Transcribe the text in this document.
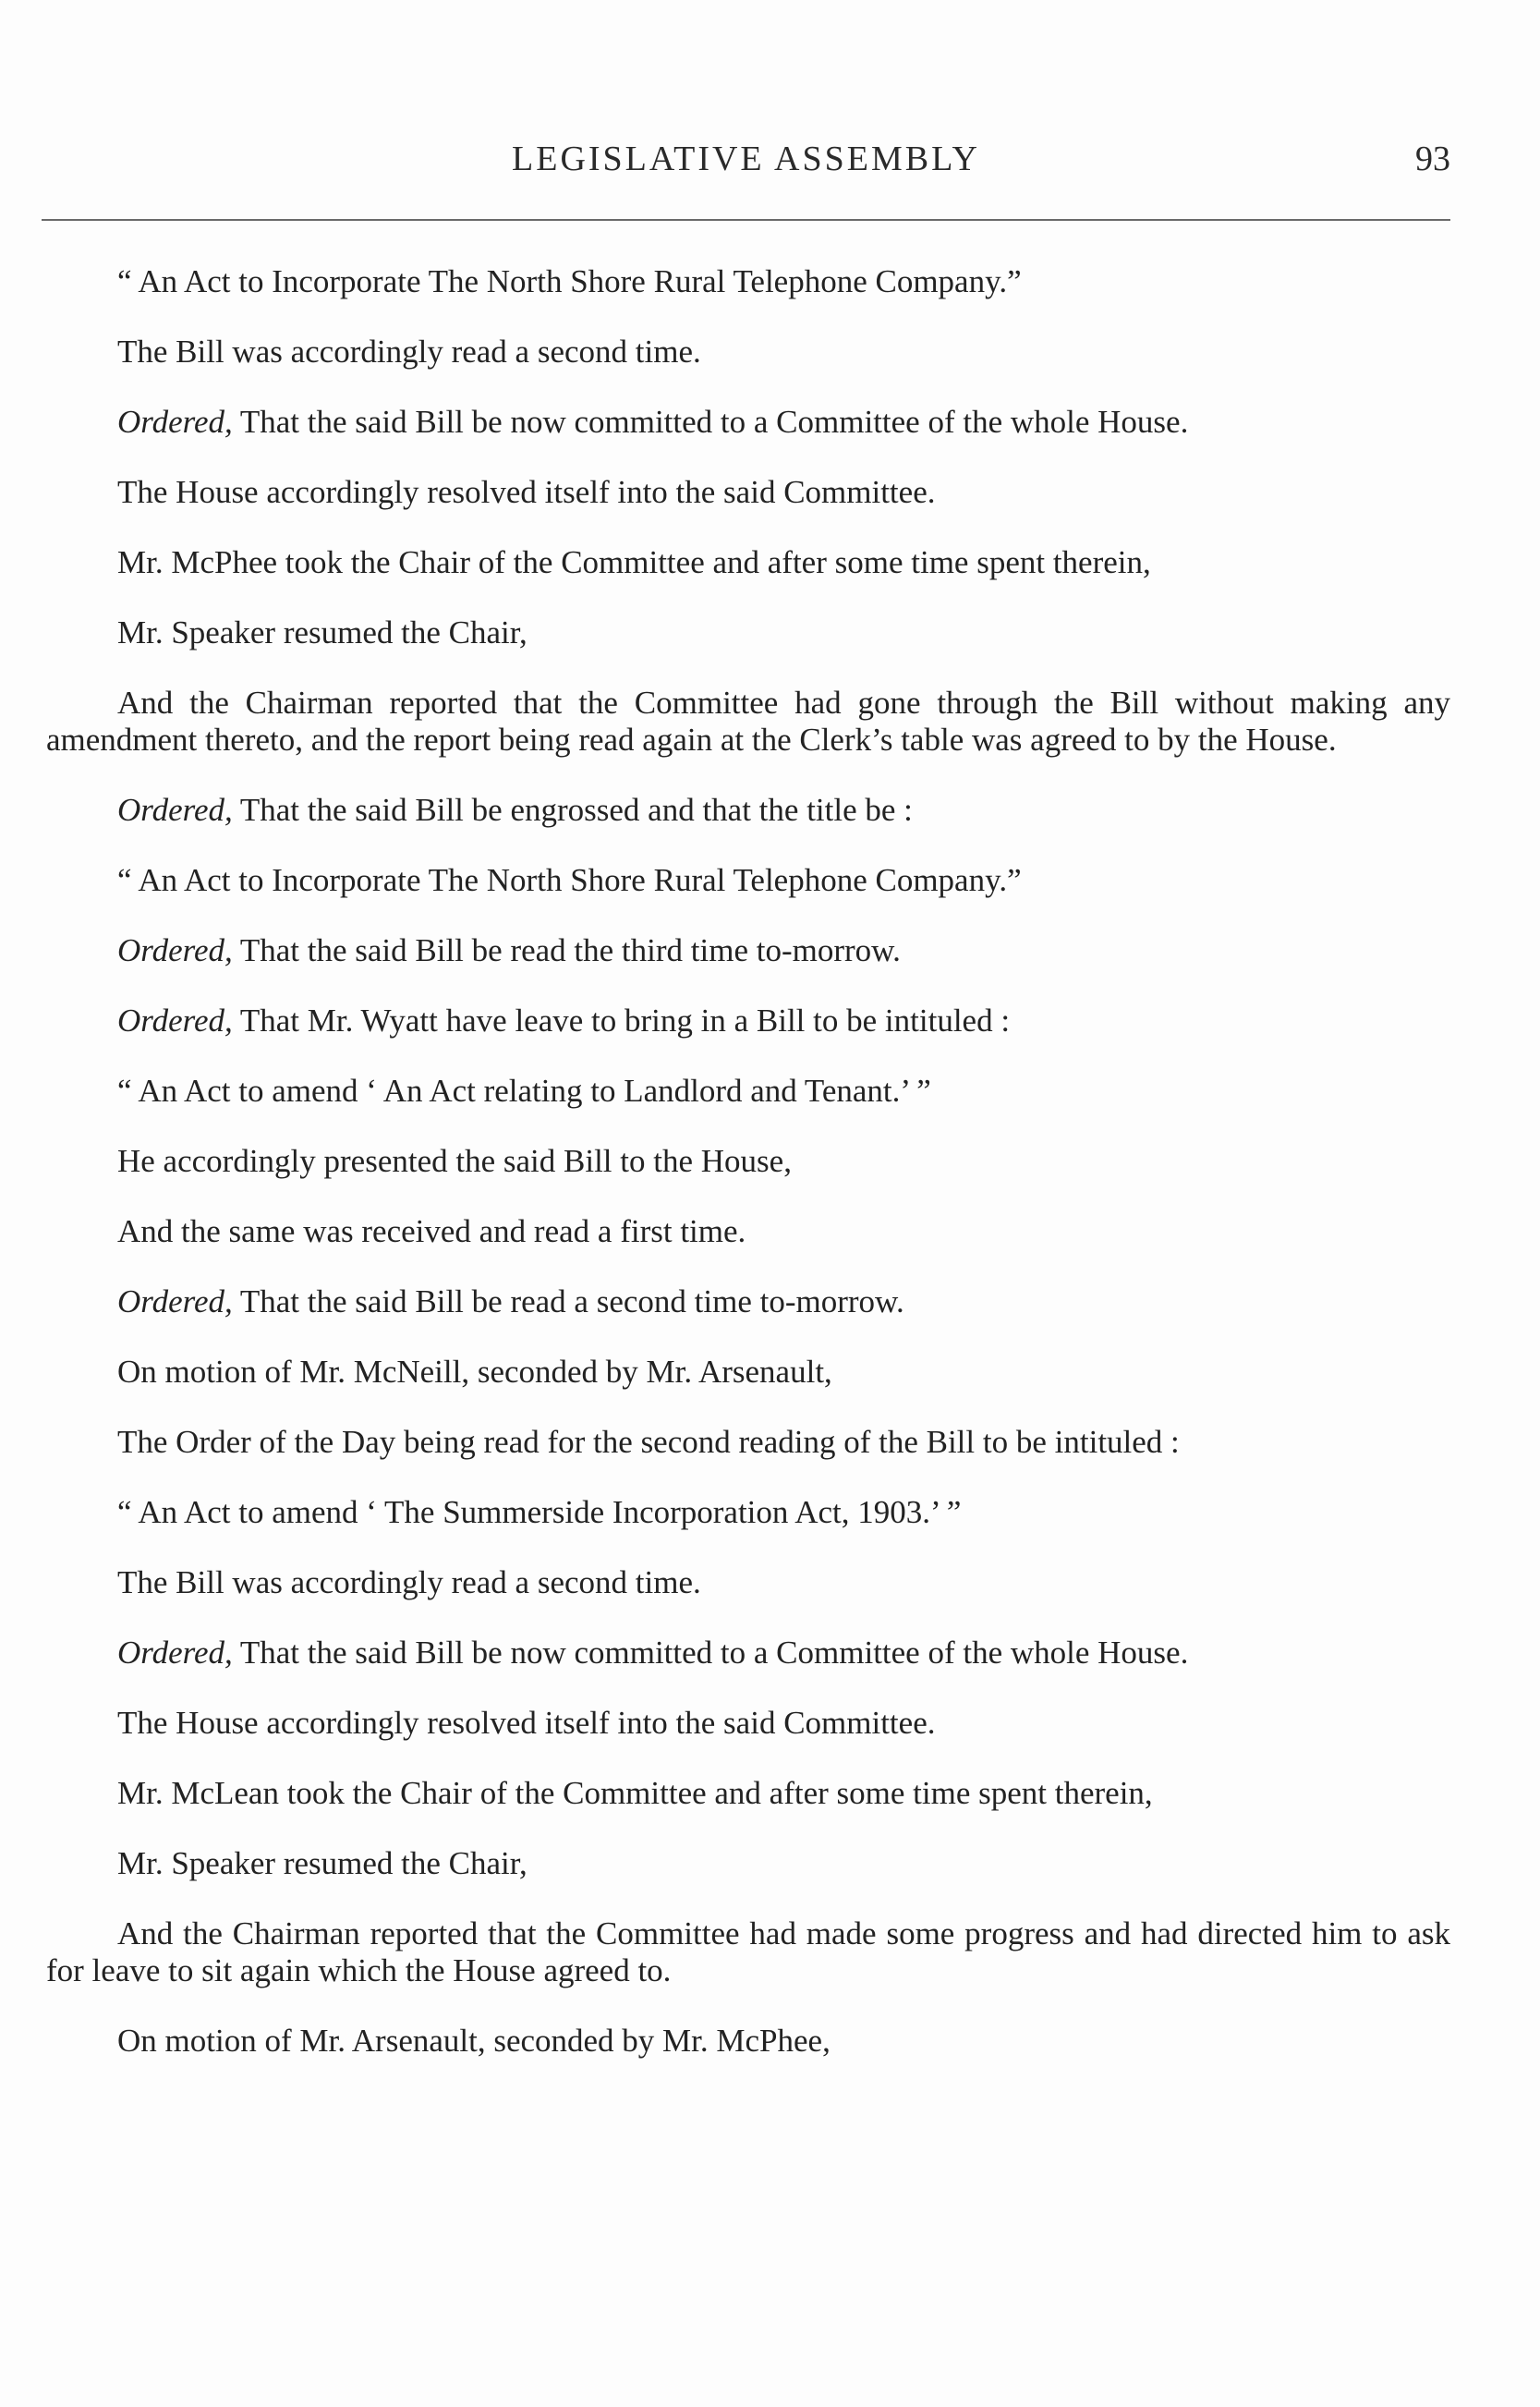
LEGISLATIVE ASSEMBLY	93

“ An Act to Incorporate The North Shore Rural Telephone Company.”

The Bill was accordingly read a second time.

Ordered, That the said Bill be now committed to a Committee of the whole House.

The House accordingly resolved itself into the said Committee.

Mr. McPhee took the Chair of the Committee and after some time spent therein,

Mr. Speaker resumed the Chair,

And the Chairman reported that the Committee had gone through the Bill without making any amendment thereto, and the report being read again at the Clerk’s table was agreed to by the House.

Ordered, That the said Bill be engrossed and that the title be :

“ An Act to Incorporate The North Shore Rural Telephone Company.”

Ordered, That the said Bill be read the third time to-morrow.

Ordered, That Mr. Wyatt have leave to bring in a Bill to be intituled :

“ An Act to amend ‘ An Act relating to Landlord and Tenant.’ ”

He accordingly presented the said Bill to the House,

And the same was received and read a first time.

Ordered, That the said Bill be read a second time to-morrow.

On motion of Mr. McNeill, seconded by Mr. Arsenault,

The Order of the Day being read for the second reading of the Bill to be intituled :

“ An Act to amend ‘ The Summerside Incorporation Act, 1903.’ ”

The Bill was accordingly read a second time.

Ordered, That the said Bill be now committed to a Committee of the whole House.

The House accordingly resolved itself into the said Committee.

Mr. McLean took the Chair of the Committee and after some time spent therein,

Mr. Speaker resumed the Chair,

And the Chairman reported that the Committee had made some progress and had directed him to ask for leave to sit again which the House agreed to.

On motion of Mr. Arsenault, seconded by Mr. McPhee,
